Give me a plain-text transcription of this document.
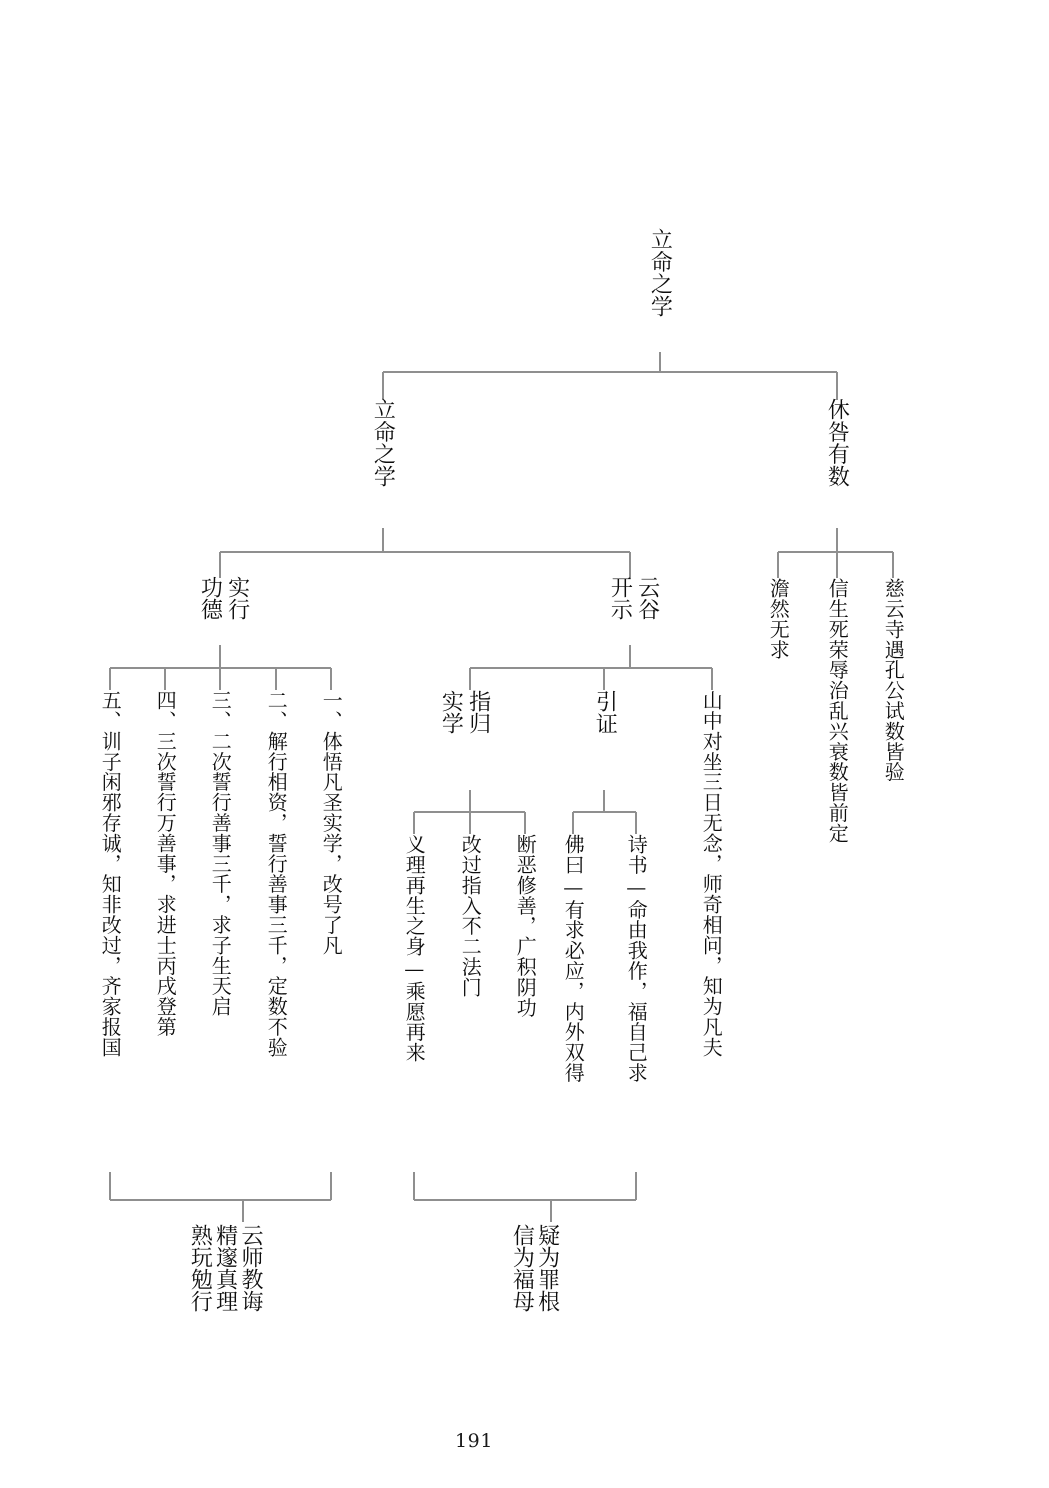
立命之学
立命之学	休咎有数
实行
功德	云谷
开示	澹然无求 信生死荣辱治乱兴衰数皆前定 慈云寺遇孔公试数皆验
五、训子闲邪存诚，知非改过，齐家报国 四、三次誓行万善事，求进士丙戌登第 三、二次誓行善事三千，求子生天启 二、解行相资，誓行善事三千，定数不验 一、体悟凡圣实学，改号了凡
云师教诲
精邃真理
熟玩勉行
指归
实学	引证	山中对坐三日无念，师奇相问，知为凡夫
佛曰—有求必应，内外双得 诗书—命由我作，福自己求
义理再生之身—乘愿再来 改过指入不二法门 断恶修善，广积阴功
疑为罪根
信为福母
191
